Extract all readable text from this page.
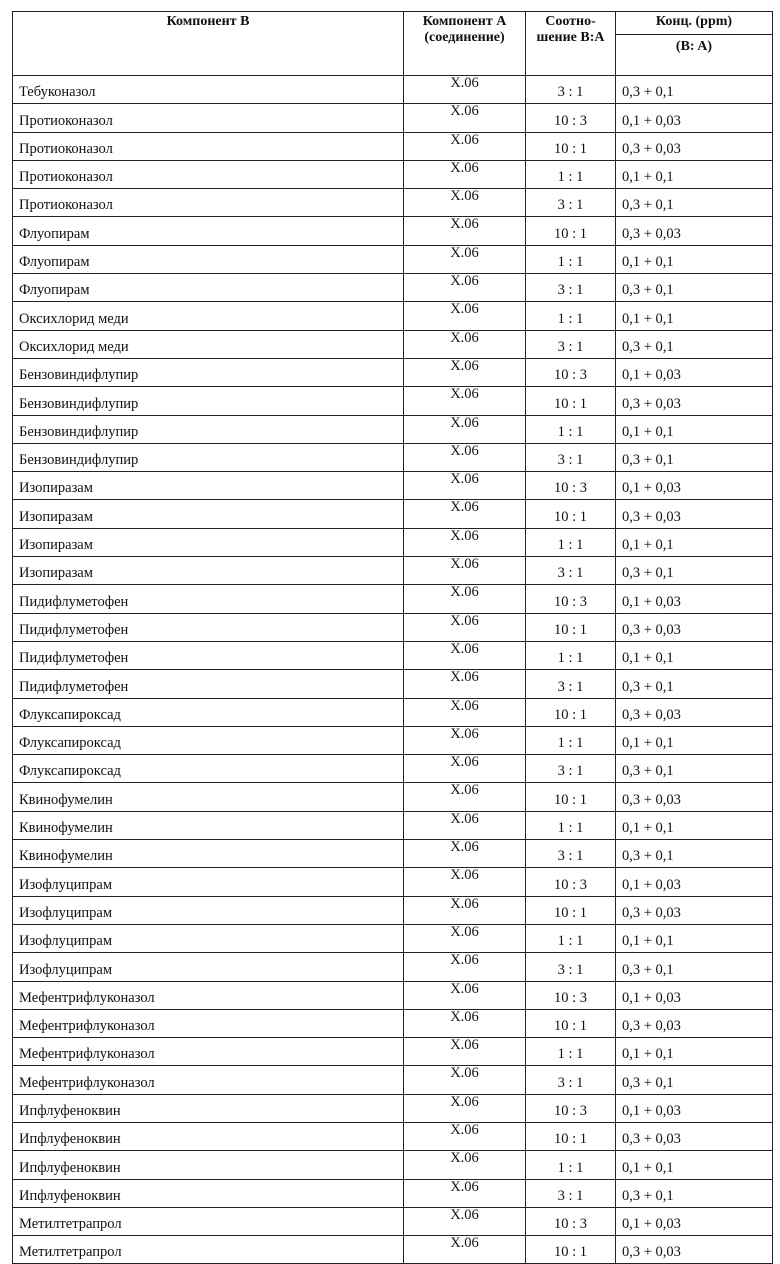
Компонент B	Компонент A (соединение)	Соотно-шение B:A	Конц. (ppm)
(B: A)
Тебуконазол	X.06	3 : 1	0,3 + 0,1
Протиоконазол	X.06	10 : 3	0,1 + 0,03
Протиоконазол	X.06	10 : 1	0,3 + 0,03
Протиоконазол	X.06	1 : 1	0,1 + 0,1
Протиоконазол	X.06	3 : 1	0,3 + 0,1
Флуопирам	X.06	10 : 1	0,3 + 0,03
Флуопирам	X.06	1 : 1	0,1 + 0,1
Флуопирам	X.06	3 : 1	0,3 + 0,1
Оксихлорид меди	X.06	1 : 1	0,1 + 0,1
Оксихлорид меди	X.06	3 : 1	0,3 + 0,1
Бензовиндифлупир	X.06	10 : 3	0,1 + 0,03
Бензовиндифлупир	X.06	10 : 1	0,3 + 0,03
Бензовиндифлупир	X.06	1 : 1	0,1 + 0,1
Бензовиндифлупир	X.06	3 : 1	0,3 + 0,1
Изопиразам	X.06	10 : 3	0,1 + 0,03
Изопиразам	X.06	10 : 1	0,3 + 0,03
Изопиразам	X.06	1 : 1	0,1 + 0,1
Изопиразам	X.06	3 : 1	0,3 + 0,1
Пидифлуметофен	X.06	10 : 3	0,1 + 0,03
Пидифлуметофен	X.06	10 : 1	0,3 + 0,03
Пидифлуметофен	X.06	1 : 1	0,1 + 0,1
Пидифлуметофен	X.06	3 : 1	0,3 + 0,1
Флуксапироксад	X.06	10 : 1	0,3 + 0,03
Флуксапироксад	X.06	1 : 1	0,1 + 0,1
Флуксапироксад	X.06	3 : 1	0,3 + 0,1
Квинофумелин	X.06	10 : 1	0,3 + 0,03
Квинофумелин	X.06	1 : 1	0,1 + 0,1
Квинофумелин	X.06	3 : 1	0,3 + 0,1
Изофлуципрам	X.06	10 : 3	0,1 + 0,03
Изофлуципрам	X.06	10 : 1	0,3 + 0,03
Изофлуципрам	X.06	1 : 1	0,1 + 0,1
Изофлуципрам	X.06	3 : 1	0,3 + 0,1
Мефентрифлуконазол	X.06	10 : 3	0,1 + 0,03
Мефентрифлуконазол	X.06	10 : 1	0,3 + 0,03
Мефентрифлуконазол	X.06	1 : 1	0,1 + 0,1
Мефентрифлуконазол	X.06	3 : 1	0,3 + 0,1
Ипфлуфеноквин	X.06	10 : 3	0,1 + 0,03
Ипфлуфеноквин	X.06	10 : 1	0,3 + 0,03
Ипфлуфеноквин	X.06	1 : 1	0,1 + 0,1
Ипфлуфеноквин	X.06	3 : 1	0,3 + 0,1
Метилтетрапрол	X.06	10 : 3	0,1 + 0,03
Метилтетрапрол	X.06	10 : 1	0,3 + 0,03
